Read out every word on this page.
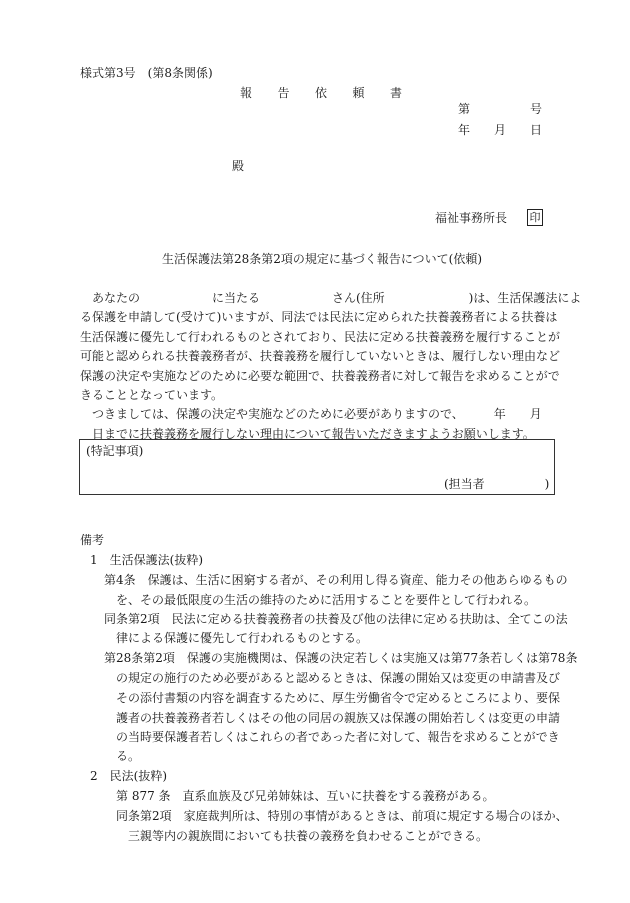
様式第3号　(第8条関係)
報　　告　　依　　頼　　書
第　　　　　号
年　　月　　日
殿
福祉事務所長 印
生活保護法第28条第2項の規定に基づく報告について(依頼)
あなたの　　　　　　に当たる　　　　　　さん(住所　　　　　　　)は、生活保護法によ
る保護を申請して(受けて)いますが、同法では民法に定められた扶養義務者による扶養は
生活保護に優先して行われるものとされており、民法に定める扶養義務を履行することが
可能と認められる扶養義務者が、扶養義務を履行していないときは、履行しない理由など
保護の決定や実施などのために必要な範囲で、扶養義務者に対して報告を求めることがで
きることとなっています。
つきましては、保護の決定や実施などのために必要がありますので、　　　年　　月
日までに扶養義務を履行しない理由について報告いただきますようお願いします。
(特記事項)
(担当者　　　　　)
備考
1　生活保護法(抜粋)
第4条　保護は、生活に困窮する者が、その利用し得る資産、能力その他あらゆるもの
を、その最低限度の生活の維持のために活用することを要件として行われる。
同条第2項　民法に定める扶養義務者の扶養及び他の法律に定める扶助は、全てこの法
律による保護に優先して行われるものとする。
第28条第2項　保護の実施機関は、保護の決定若しくは実施又は第77条若しくは第78条
の規定の施行のため必要があると認めるときは、保護の開始又は変更の申請書及び
その添付書類の内容を調査するために、厚生労働省令で定めるところにより、要保
護者の扶養義務者若しくはその他の同居の親族又は保護の開始若しくは変更の申請
の当時要保護者若しくはこれらの者であった者に対して、報告を求めることができ
る。
2　民法(抜粋)
第 877 条　直系血族及び兄弟姉妹は、互いに扶養をする義務がある。
同条第2項　家庭裁判所は、特別の事情があるときは、前項に規定する場合のほか、
三親等内の親族間においても扶養の義務を負わせることができる。
